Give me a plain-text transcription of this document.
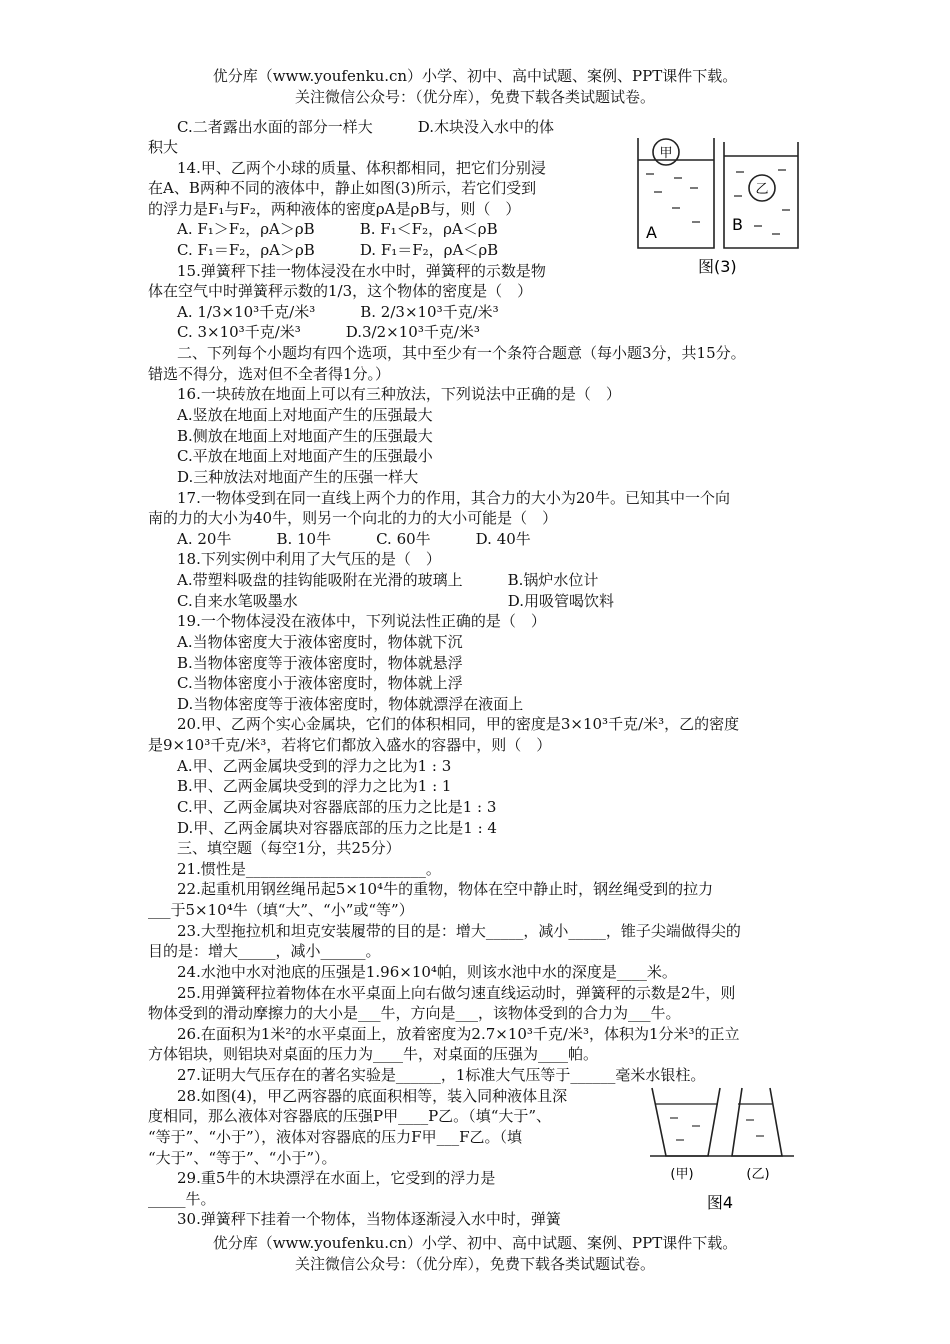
优分库（www.youfenku.cn）小学、初中、高中试题、案例、PPT课件下载。
关注微信公众号：（优分库），免费下载各类试题试卷。
C.二者露出水面的部分一样大　　　D.木块没入水中的体
积大
14.甲、乙两个小球的质量、体积都相同，把它们分别浸
在A、B两种不同的液体中，静止如图(3)所示，若它们受到
的浮力是F₁与F₂，两种液体的密度ρA是ρB与，则（　）
A. F₁＞F₂，ρA＞ρB　　　B. F₁＜F₂，ρA＜ρB
C. F₁＝F₂，ρA＞ρB　　　D. F₁＝F₂，ρA＜ρB
15.弹簧秤下挂一物体浸没在水中时，弹簧秤的示数是物
体在空气中时弹簧秤示数的1/3，这个物体的密度是（　）
A. 1/3×10³千克/米³　　　B. 2/3×10³千克/米³
C. 3×10³千克/米³　　　D.3/2×10³千克/米³
二、下列每个小题均有四个选项，其中至少有一个条符合题意（每小题3分，共15分。
错选不得分，选对但不全者得1分。）
16.一块砖放在地面上可以有三种放法，下列说法中正确的是（　）
A.竖放在地面上对地面产生的压强最大
B.侧放在地面上对地面产生的压强最大
C.平放在地面上对地面产生的压强最小
D.三种放法对地面产生的压强一样大
17.一物体受到在同一直线上两个力的作用，其合力的大小为20牛。已知其中一个向
南的力的大小为40牛，则另一个向北的力的大小可能是（　）
A. 20牛　　　B. 10牛　　　C. 60牛　　　D. 40牛
18.下列实例中利用了大气压的是（　）
A.带塑料吸盘的挂钩能吸附在光滑的玻璃上　　　B.锅炉水位计
C.自来水笔吸墨水　　　　　　　　　　　　　　D.用吸管喝饮料
19.一个物体浸没在液体中，下列说法性正确的是（　）
A.当物体密度大于液体密度时，物体就下沉
B.当物体密度等于液体密度时，物体就悬浮
C.当物体密度小于液体密度时，物体就上浮
D.当物体密度等于液体密度时，物体就漂浮在液面上
20.甲、乙两个实心金属块，它们的体积相同，甲的密度是3×10³千克/米³，乙的密度
是9×10³千克/米³，若将它们都放入盛水的容器中，则（　）
A.甲、乙两金属块受到的浮力之比为1 : 3
B.甲、乙两金属块受到的浮力之比为1 : 1
C.甲、乙两金属块对容器底部的压力之比是1 : 3
D.甲、乙两金属块对容器底部的压力之比是1 : 4
三、填空题（每空1分，共25分）
21.惯性是________________________。
22.起重机用钢丝绳吊起5×10⁴牛的重物，物体在空中静止时，钢丝绳受到的拉力
___于5×10⁴牛（填“大”、“小”或“等”）
23.大型拖拉机和坦克安装履带的目的是：增大_____，减小_____，锥子尖端做得尖的
目的是：增大_____，减小______。
24.水池中水对池底的压强是1.96×10⁴帕，则该水池中水的深度是____米。
25.用弹簧秤拉着物体在水平桌面上向右做匀速直线运动时，弹簧秤的示数是2牛，则
物体受到的滑动摩擦力的大小是___牛，方向是___，该物体受到的合力为___牛。
26.在面积为1米²的水平桌面上，放着密度为2.7×10³千克/米³，体积为1分米³的正立
方体铝块，则铝块对桌面的压力为____牛，对桌面的压强为____帕。
27.证明大气压存在的著名实验是______，1标准大气压等于______毫米水银柱。
28.如图(4)，甲乙两容器的底面积相等，装入同种液体且深
度相同，那么液体对容器底的压强P甲____P乙。（填“大于”、
“等于”、“小于”），液体对容器底的压力F甲___F乙。（填
“大于”、“等于”、“小于”）。
29.重5牛的木块漂浮在水面上，它受到的浮力是
_____牛。
30.弹簧秤下挂着一个物体，当物体逐渐浸入水中时，弹簧
优分库（www.youfenku.cn）小学、初中、高中试题、案例、PPT课件下载。
关注微信公众号：（优分库），免费下载各类试题试卷。
甲
乙
A	B
图(3)
(甲)	(乙)
图4
